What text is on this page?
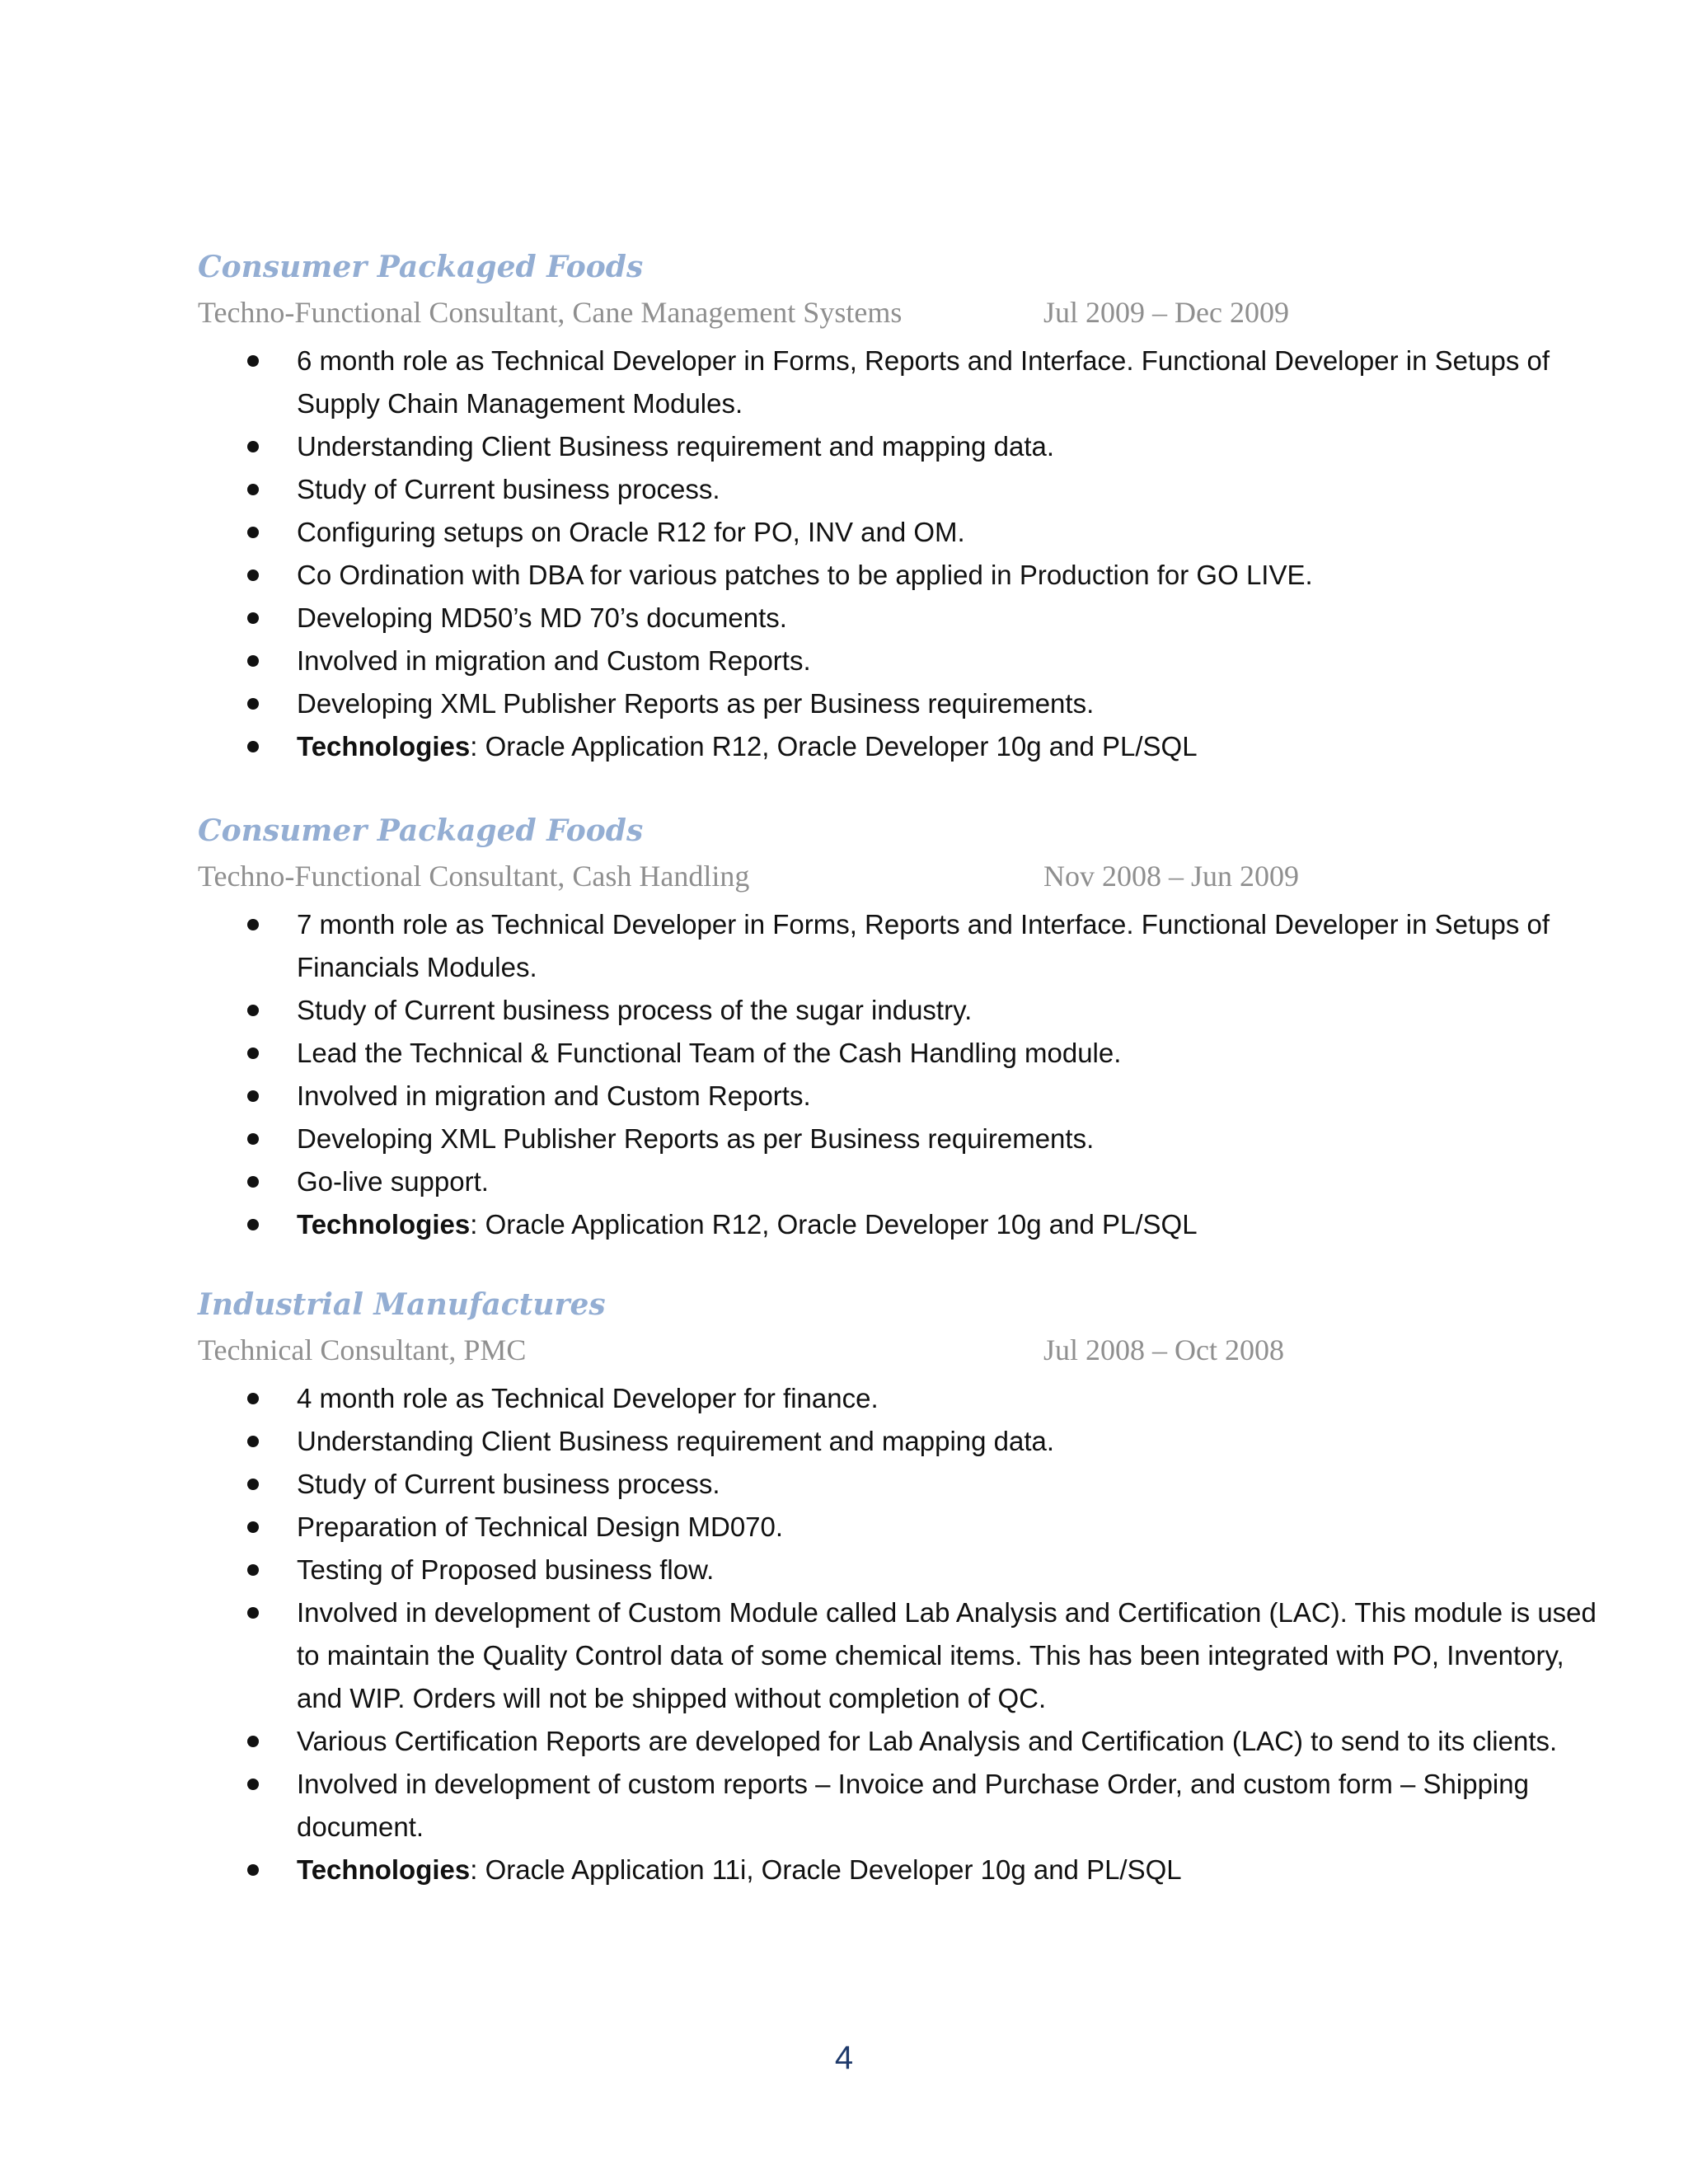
Consumer Packaged Foods
Techno-Functional Consultant, Cane Management Systems	Jul 2009 – Dec 2009
6 month role as Technical Developer in Forms, Reports and Interface. Functional Developer in Setups of Supply Chain Management Modules.
Understanding Client Business requirement and mapping data.
Study of Current business process.
Configuring setups on Oracle R12 for PO, INV and OM.
Co Ordination with DBA for various patches to be applied in Production for GO LIVE.
Developing MD50’s MD 70’s documents.
Involved in migration and Custom Reports.
Developing XML Publisher Reports as per Business requirements.
Technologies: Oracle Application R12, Oracle Developer 10g and PL/SQL
Consumer Packaged Foods
Techno-Functional Consultant, Cash Handling	Nov 2008 – Jun 2009
7 month role as Technical Developer in Forms, Reports and Interface. Functional Developer in Setups of Financials Modules.
Study of Current business process of the sugar industry.
Lead the Technical & Functional Team of the Cash Handling module.
Involved in migration and Custom Reports.
Developing XML Publisher Reports as per Business requirements.
Go-live support.
Technologies: Oracle Application R12, Oracle Developer 10g and PL/SQL
Industrial Manufactures
Technical Consultant, PMC	Jul 2008 – Oct 2008
4 month role as Technical Developer for finance.
Understanding Client Business requirement and mapping data.
Study of Current business process.
Preparation of Technical Design MD070.
Testing of Proposed business flow.
Involved in development of Custom Module called Lab Analysis and Certification (LAC). This module is used to maintain the Quality Control data of some chemical items. This has been integrated with PO, Inventory, and WIP. Orders will not be shipped without completion of QC.
Various Certification Reports are developed for Lab Analysis and Certification (LAC) to send to its clients.
Involved in development of custom reports – Invoice and Purchase Order, and custom form – Shipping document.
Technologies: Oracle Application 11i, Oracle Developer 10g and PL/SQL
4
